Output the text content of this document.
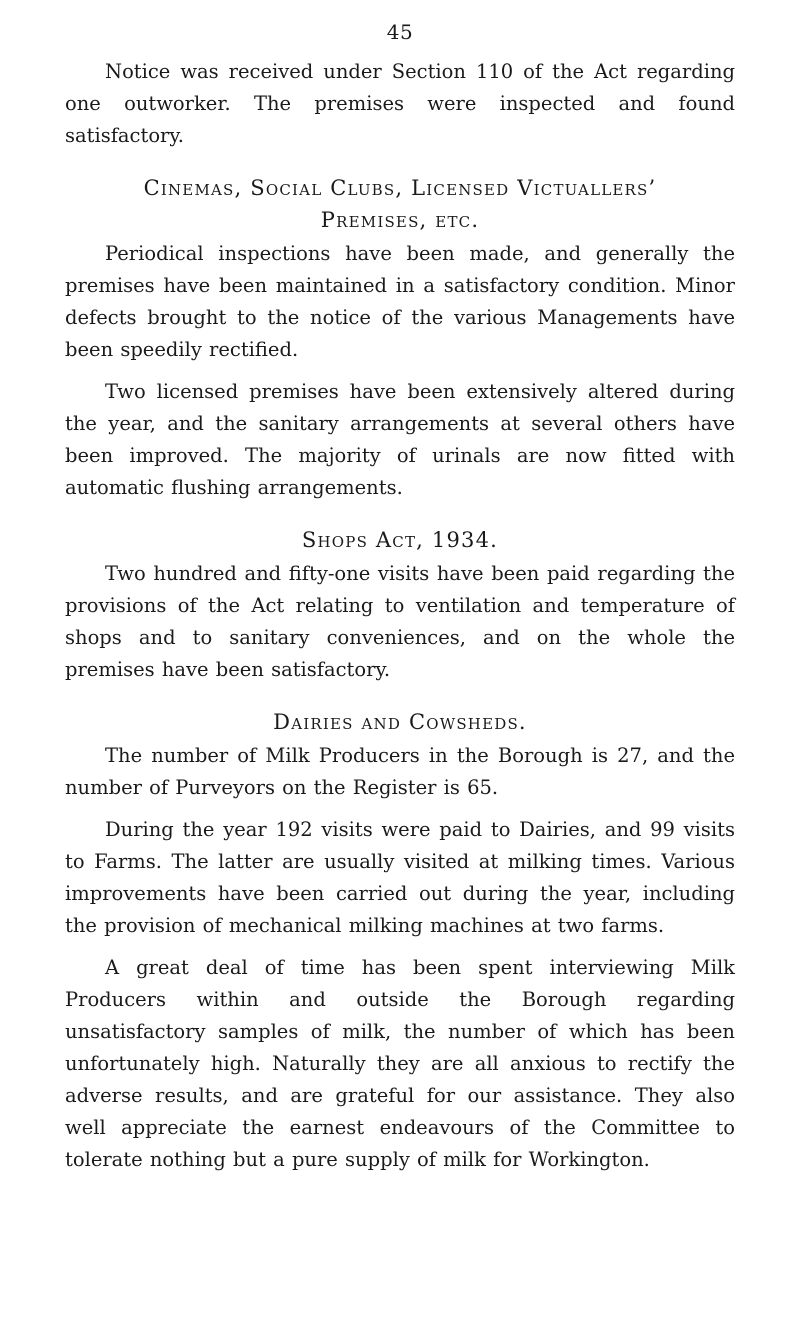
45

Notice was received under Section 110 of the Act regarding one outworker. The premises were inspected and found satisfactory.

Cinemas, Social Clubs, Licensed Victuallers’ Premises, etc.

Periodical inspections have been made, and generally the premises have been maintained in a satisfactory condition. Minor defects brought to the notice of the various Managements have been speedily rectified.

Two licensed premises have been extensively altered during the year, and the sanitary arrangements at several others have been improved. The majority of urinals are now fitted with automatic flushing arrangements.

Shops Act, 1934.

Two hundred and fifty-one visits have been paid regarding the provisions of the Act relating to ventilation and temperature of shops and to sanitary conveniences, and on the whole the premises have been satisfactory.

Dairies and Cowsheds.

The number of Milk Producers in the Borough is 27, and the number of Purveyors on the Register is 65.

During the year 192 visits were paid to Dairies, and 99 visits to Farms. The latter are usually visited at milking times. Various improvements have been carried out during the year, including the provision of mechanical milking machines at two farms.

A great deal of time has been spent interviewing Milk Producers within and outside the Borough regarding unsatisfactory samples of milk, the number of which has been unfortunately high. Naturally they are all anxious to rectify the adverse results, and are grateful for our assistance. They also well appreciate the earnest endeavours of the Committee to tolerate nothing but a pure supply of milk for Workington.
